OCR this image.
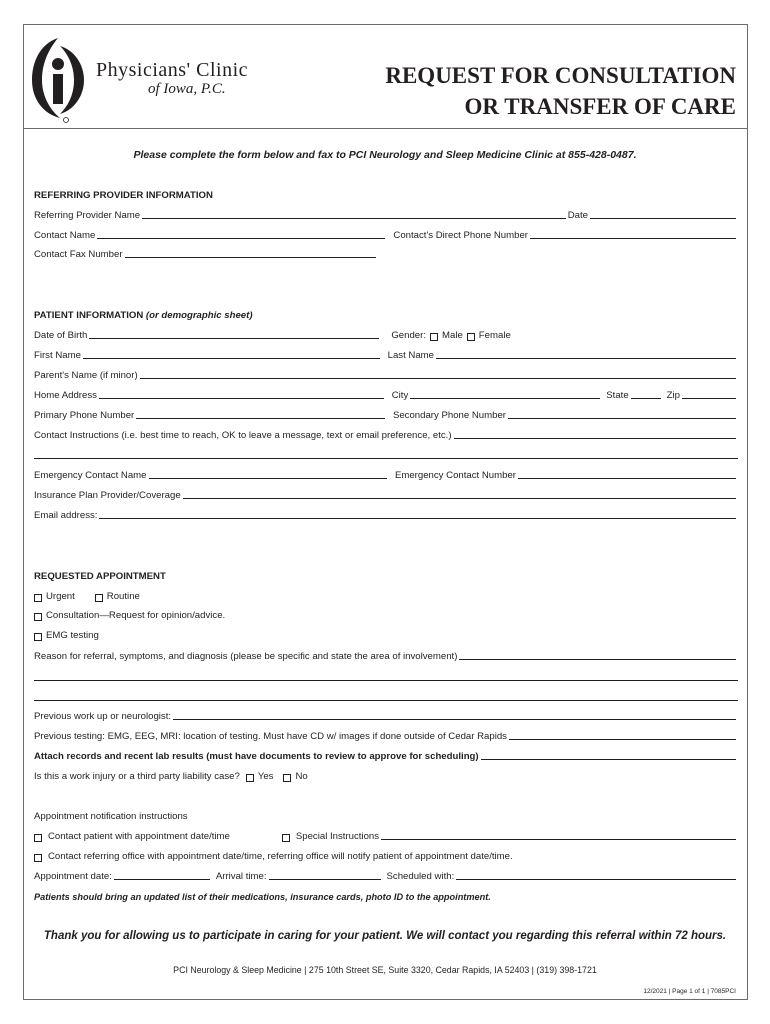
Physicians' Clinic
of Iowa, P.C.
REQUEST FOR CONSULTATION
OR TRANSFER OF CARE
Please complete the form below and fax to PCI Neurology and Sleep Medicine Clinic at 855-428-0487.
REFERRING PROVIDER INFORMATION
Referring Provider Name	Date
Contact Name	Contact's Direct Phone Number
Contact Fax Number
PATIENT INFORMATION (or demographic sheet)
Date of Birth	Gender: Male Female
First Name	Last Name
Parent's Name (if minor)
Home Address	City	State	Zip
Primary Phone Number	Secondary Phone Number
Contact Instructions (i.e. best time to reach, OK to leave a message, text or email preference, etc.)
Emergency Contact Name	Emergency Contact Number
Insurance Plan Provider/Coverage
Email address:
REQUESTED APPOINTMENT
Urgent	Routine
Consultation—Request for opinion/advice.
EMG testing
Reason for referral, symptoms, and diagnosis (please be specific and state the area of involvement)
Previous work up or neurologist:
Previous testing: EMG, EEG, MRI: location of testing. Must have CD w/ images if done outside of Cedar Rapids
Attach records and recent lab results (must have documents to review to approve for scheduling)
Is this a work injury or a third party liability case? Yes No
Appointment notification instructions
Contact patient with appointment date/time	Special Instructions
Contact referring office with appointment date/time, referring office will notify patient of appointment date/time.
Appointment date:	Arrival time:	Scheduled with:
Patients should bring an updated list of their medications, insurance cards, photo ID to the appointment.
Thank you for allowing us to participate in caring for your patient. We will contact you regarding this referral within 72 hours.
PCI Neurology & Sleep Medicine | 275 10th Street SE, Suite 3320, Cedar Rapids, IA 52403 | (319) 398-1721
12/2021 | Page 1 of 1 | 7085PCI
